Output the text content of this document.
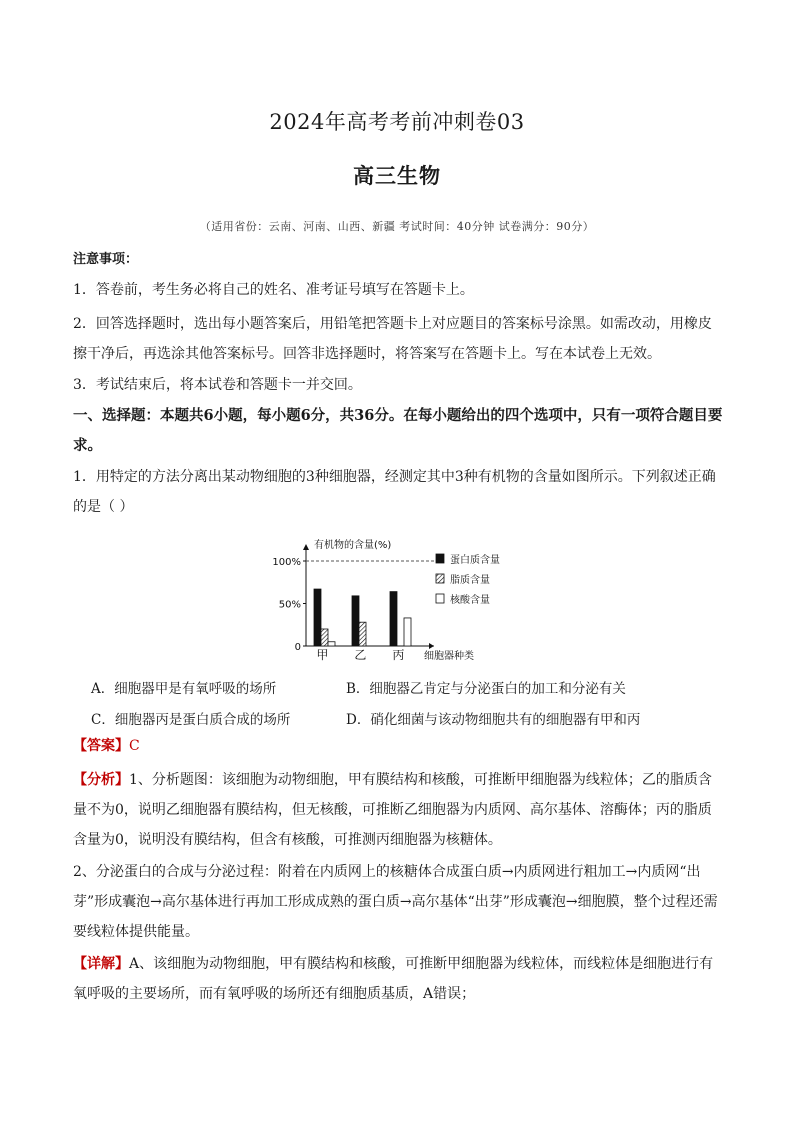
2024年高考考前冲刺卷03
高三生物
（适用省份：云南、河南、山西、新疆 考试时间：40分钟 试卷满分：90分）
注意事项：
1．答卷前，考生务必将自己的姓名、准考证号填写在答题卡上。
2．回答选择题时，选出每小题答案后，用铅笔把答题卡上对应题目的答案标号涂黑。如需改动，用橡皮擦干净后，再选涂其他答案标号。回答非选择题时，将答案写在答题卡上。写在本试卷上无效。
3．考试结束后，将本试卷和答题卡一并交回。
一、选择题：本题共6小题，每小题6分，共36分。在每小题给出的四个选项中，只有一项符合题目要求。
1．用特定的方法分离出某动物细胞的3种细胞器，经测定其中3种有机物的含量如图所示。下列叙述正确的是（ ）
有机物的含量(%)
100%
50%
0
甲 乙 丙 细胞器种类
蛋白质含量
脂质含量
核酸含量
A．细胞器甲是有氧呼吸的场所	B．细胞器乙肯定与分泌蛋白的加工和分泌有关
C．细胞器丙是蛋白质合成的场所	D．硝化细菌与该动物细胞共有的细胞器有甲和丙
【答案】C
【分析】1、分析题图：该细胞为动物细胞，甲有膜结构和核酸，可推断甲细胞器为线粒体；乙的脂质含量不为0，说明乙细胞器有膜结构，但无核酸，可推断乙细胞器为内质网、高尔基体、溶酶体；丙的脂质含量为0，说明没有膜结构，但含有核酸，可推测丙细胞器为核糖体。
2、分泌蛋白的合成与分泌过程：附着在内质网上的核糖体合成蛋白质→内质网进行粗加工→内质网“出芽”形成囊泡→高尔基体进行再加工形成成熟的蛋白质→高尔基体“出芽”形成囊泡→细胞膜，整个过程还需要线粒体提供能量。
【详解】A、该细胞为动物细胞，甲有膜结构和核酸，可推断甲细胞器为线粒体，而线粒体是细胞进行有氧呼吸的主要场所，而有氧呼吸的场所还有细胞质基质，A错误；
